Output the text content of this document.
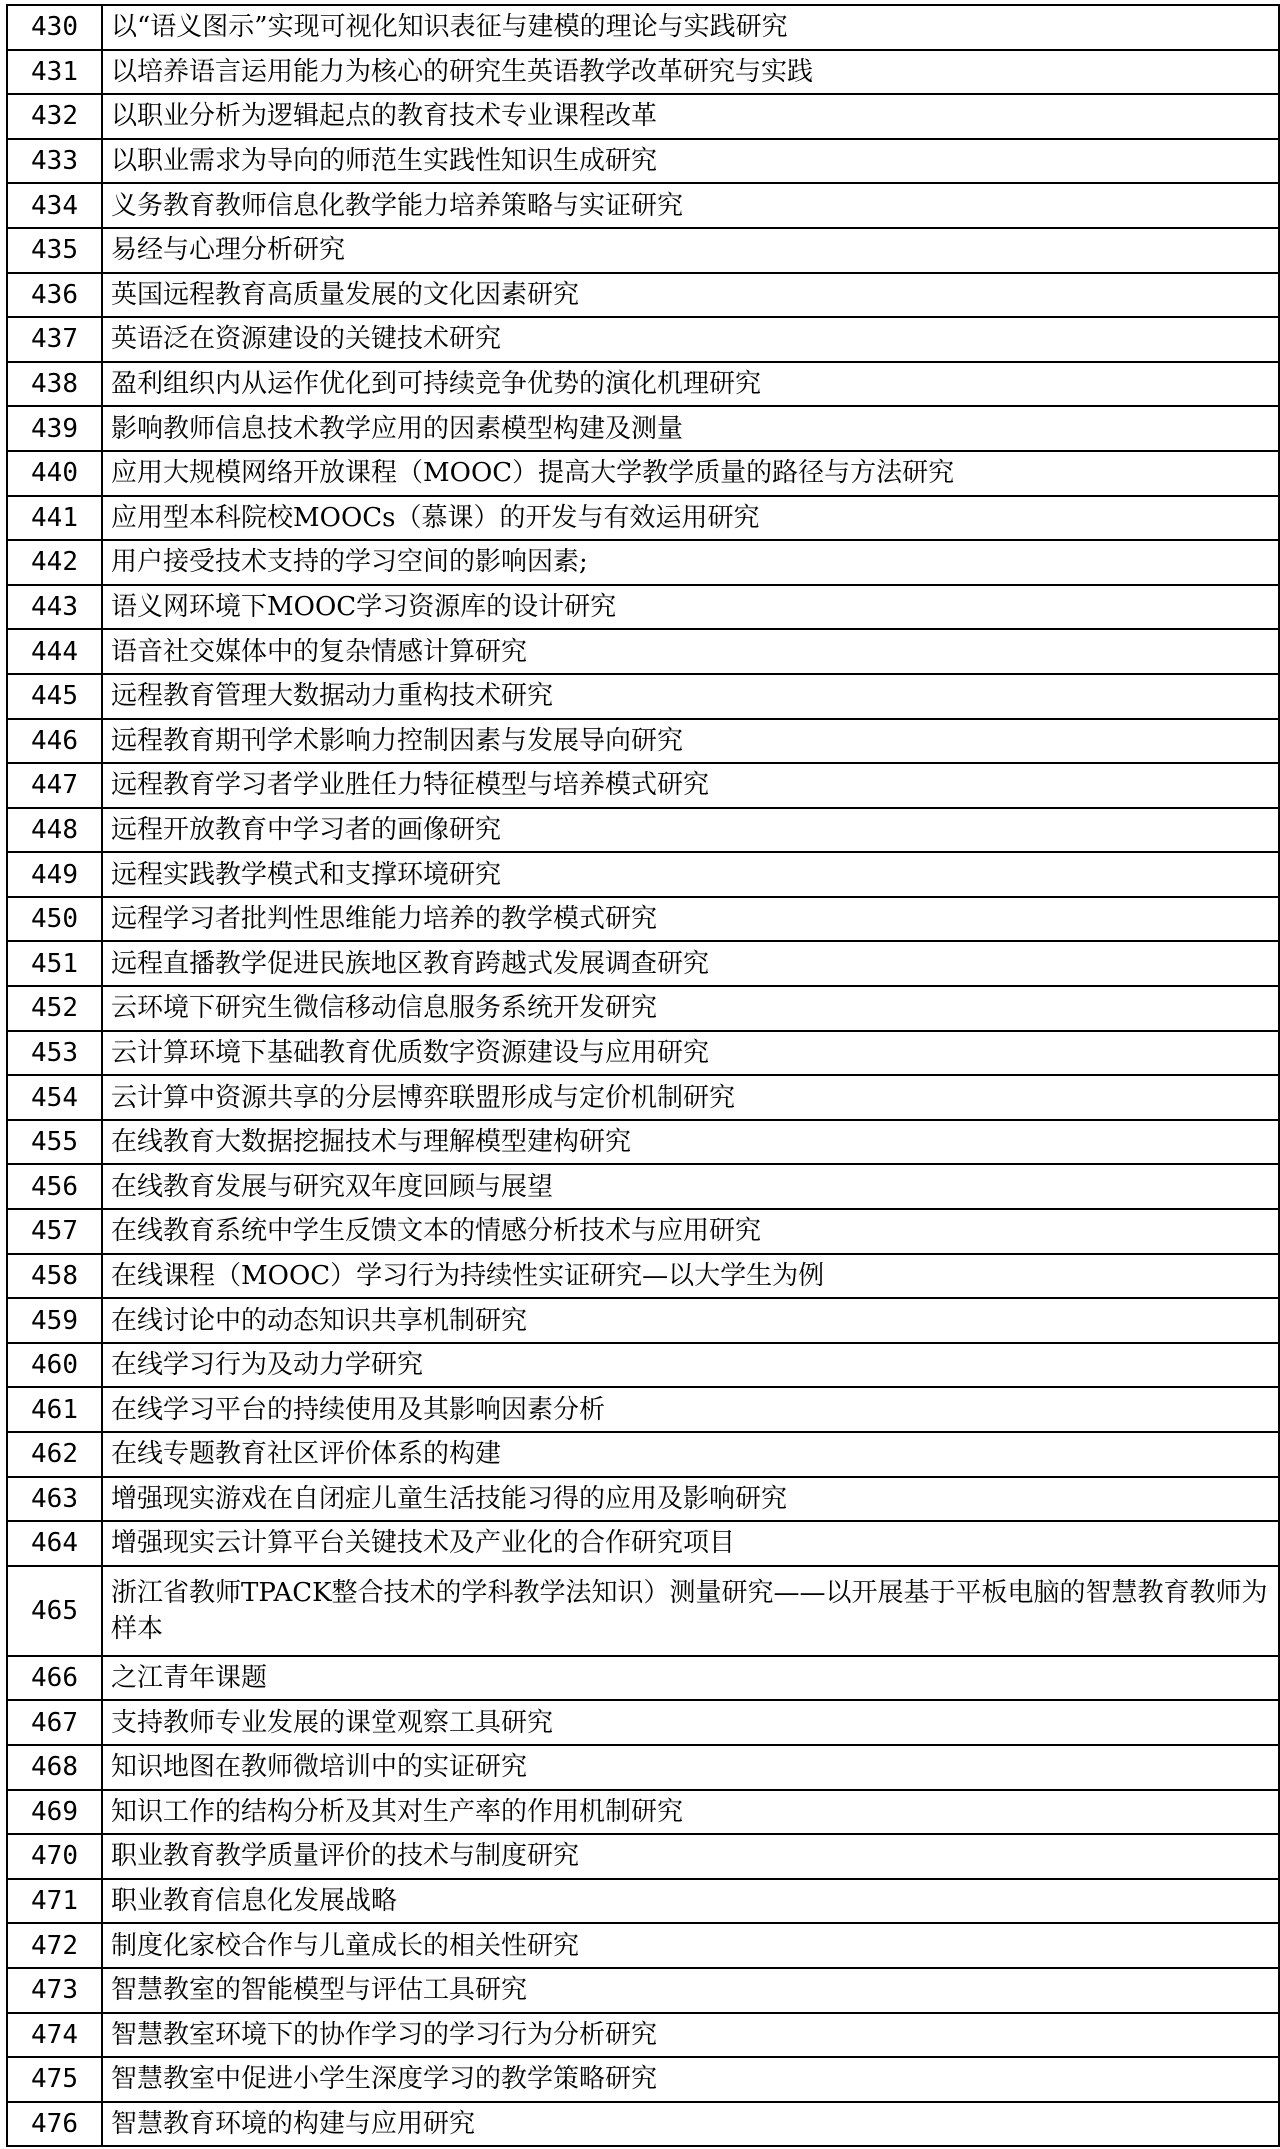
430	以“语义图示”实现可视化知识表征与建模的理论与实践研究
431	以培养语言运用能力为核心的研究生英语教学改革研究与实践
432	以职业分析为逻辑起点的教育技术专业课程改革
433	以职业需求为导向的师范生实践性知识生成研究
434	义务教育教师信息化教学能力培养策略与实证研究
435	易经与心理分析研究
436	英国远程教育高质量发展的文化因素研究
437	英语泛在资源建设的关键技术研究
438	盈利组织内从运作优化到可持续竞争优势的演化机理研究
439	影响教师信息技术教学应用的因素模型构建及测量
440	应用大规模网络开放课程（MOOC）提高大学教学质量的路径与方法研究
441	应用型本科院校MOOCs（慕课）的开发与有效运用研究
442	用户接受技术支持的学习空间的影响因素;
443	语义网环境下MOOC学习资源库的设计研究
444	语音社交媒体中的复杂情感计算研究
445	远程教育管理大数据动力重构技术研究
446	远程教育期刊学术影响力控制因素与发展导向研究
447	远程教育学习者学业胜任力特征模型与培养模式研究
448	远程开放教育中学习者的画像研究
449	远程实践教学模式和支撑环境研究
450	远程学习者批判性思维能力培养的教学模式研究
451	远程直播教学促进民族地区教育跨越式发展调查研究
452	云环境下研究生微信移动信息服务系统开发研究
453	云计算环境下基础教育优质数字资源建设与应用研究
454	云计算中资源共享的分层博弈联盟形成与定价机制研究
455	在线教育大数据挖掘技术与理解模型建构研究
456	在线教育发展与研究双年度回顾与展望
457	在线教育系统中学生反馈文本的情感分析技术与应用研究
458	在线课程（MOOC）学习行为持续性实证研究—以大学生为例
459	在线讨论中的动态知识共享机制研究
460	在线学习行为及动力学研究
461	在线学习平台的持续使用及其影响因素分析
462	在线专题教育社区评价体系的构建
463	增强现实游戏在自闭症儿童生活技能习得的应用及影响研究
464	增强现实云计算平台关键技术及产业化的合作研究项目
465	浙江省教师TPACK整合技术的学科教学法知识）测量研究——以开展基于平板电脑的智慧教育教师为样本
466	之江青年课题
467	支持教师专业发展的课堂观察工具研究
468	知识地图在教师微培训中的实证研究
469	知识工作的结构分析及其对生产率的作用机制研究
470	职业教育教学质量评价的技术与制度研究
471	职业教育信息化发展战略
472	制度化家校合作与儿童成长的相关性研究
473	智慧教室的智能模型与评估工具研究
474	智慧教室环境下的协作学习的学习行为分析研究
475	智慧教室中促进小学生深度学习的教学策略研究
476	智慧教育环境的构建与应用研究
